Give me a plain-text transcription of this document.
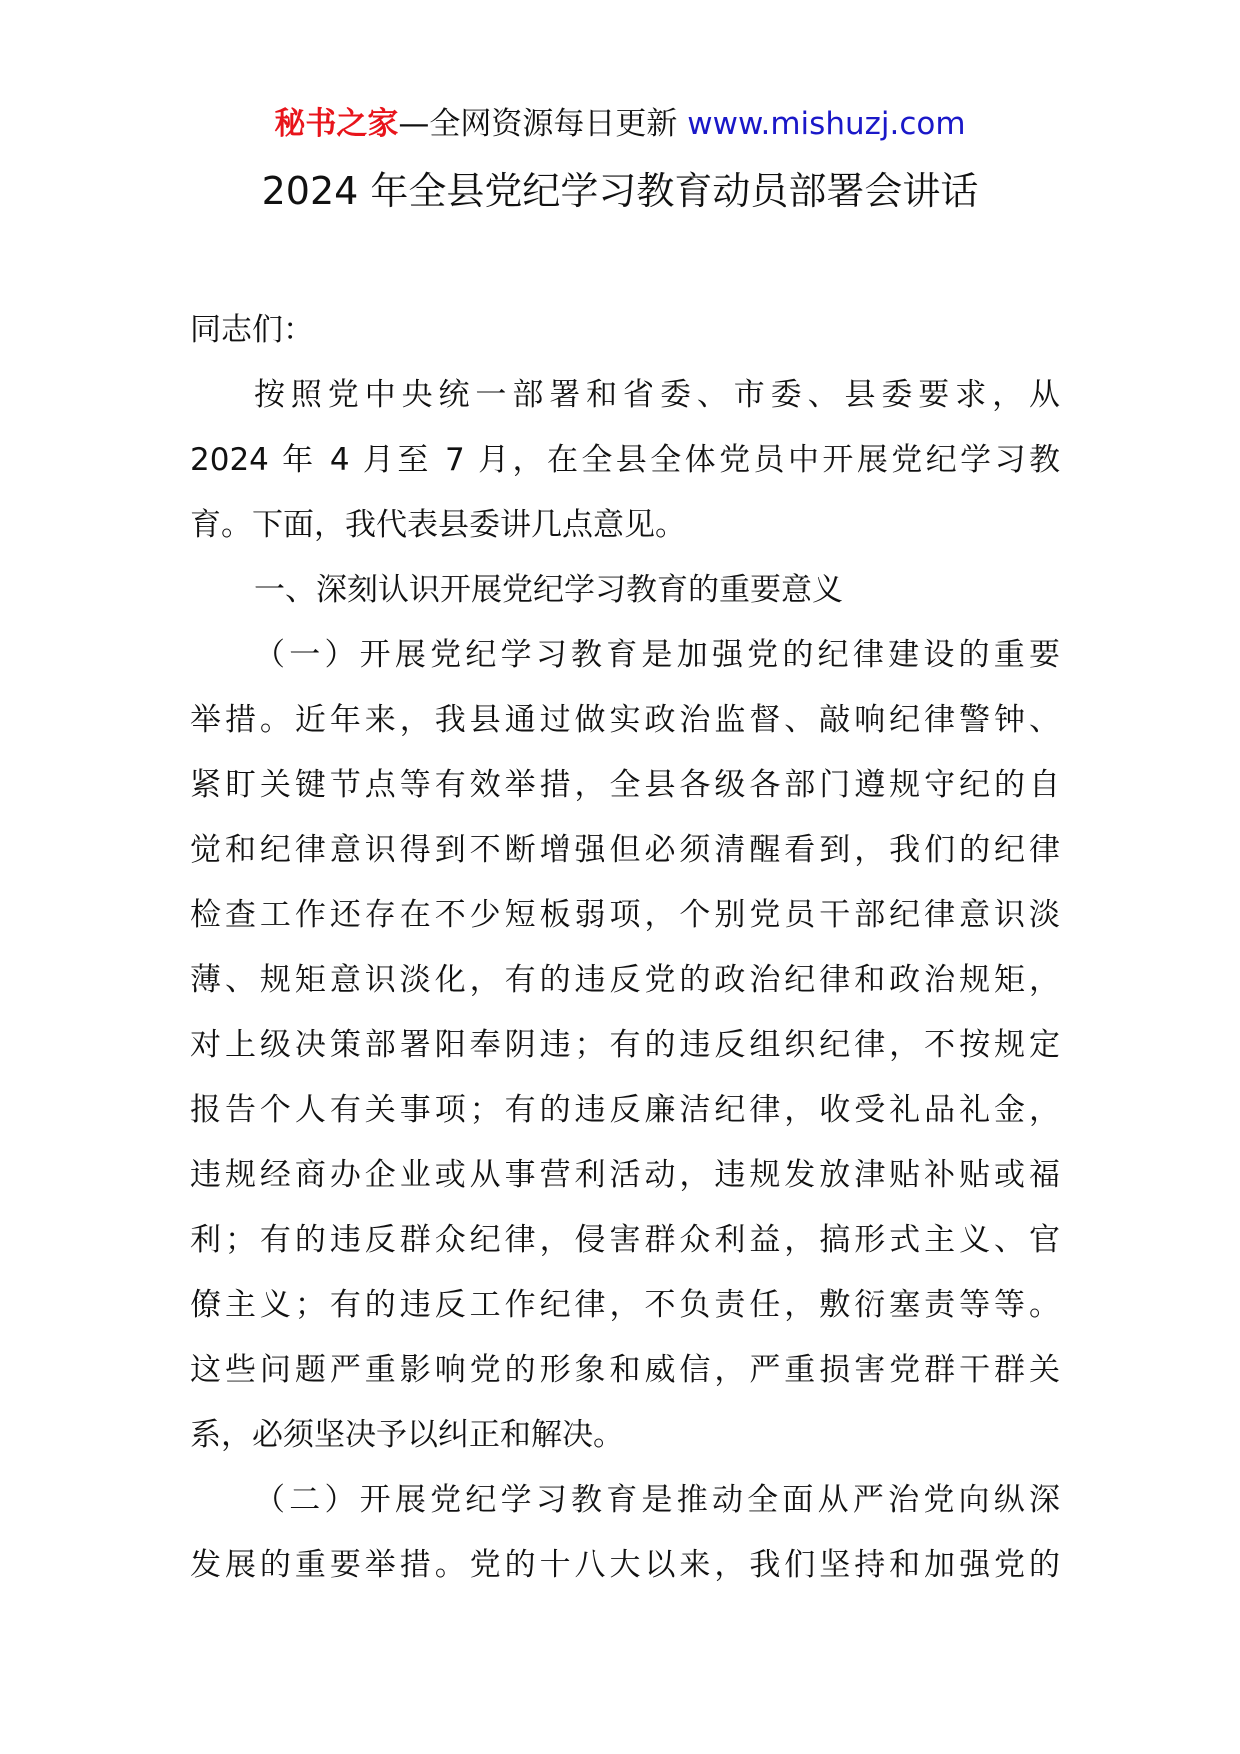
秘书之家—全网资源每日更新 www.mishuzj.com
2024 年全县党纪学习教育动员部署会讲话
同志们：
按照党中央统一部署和省委、市委、县委要求，从
2024 年 4 月至 7 月，在全县全体党员中开展党纪学习教
育。下面，我代表县委讲几点意见。
一、深刻认识开展党纪学习教育的重要意义
（一）开展党纪学习教育是加强党的纪律建设的重要
举措。近年来，我县通过做实政治监督、敲响纪律警钟、
紧盯关键节点等有效举措，全县各级各部门遵规守纪的自
觉和纪律意识得到不断增强但必须清醒看到，我们的纪律
检查工作还存在不少短板弱项，个别党员干部纪律意识淡
薄、规矩意识淡化，有的违反党的政治纪律和政治规矩，
对上级决策部署阳奉阴违；有的违反组织纪律，不按规定
报告个人有关事项；有的违反廉洁纪律，收受礼品礼金，
违规经商办企业或从事营利活动，违规发放津贴补贴或福
利；有的违反群众纪律，侵害群众利益，搞形式主义、官
僚主义；有的违反工作纪律，不负责任，敷衍塞责等等。
这些问题严重影响党的形象和威信，严重损害党群干群关
系，必须坚决予以纠正和解决。
（二）开展党纪学习教育是推动全面从严治党向纵深
发展的重要举措。党的十八大以来，我们坚持和加强党的
